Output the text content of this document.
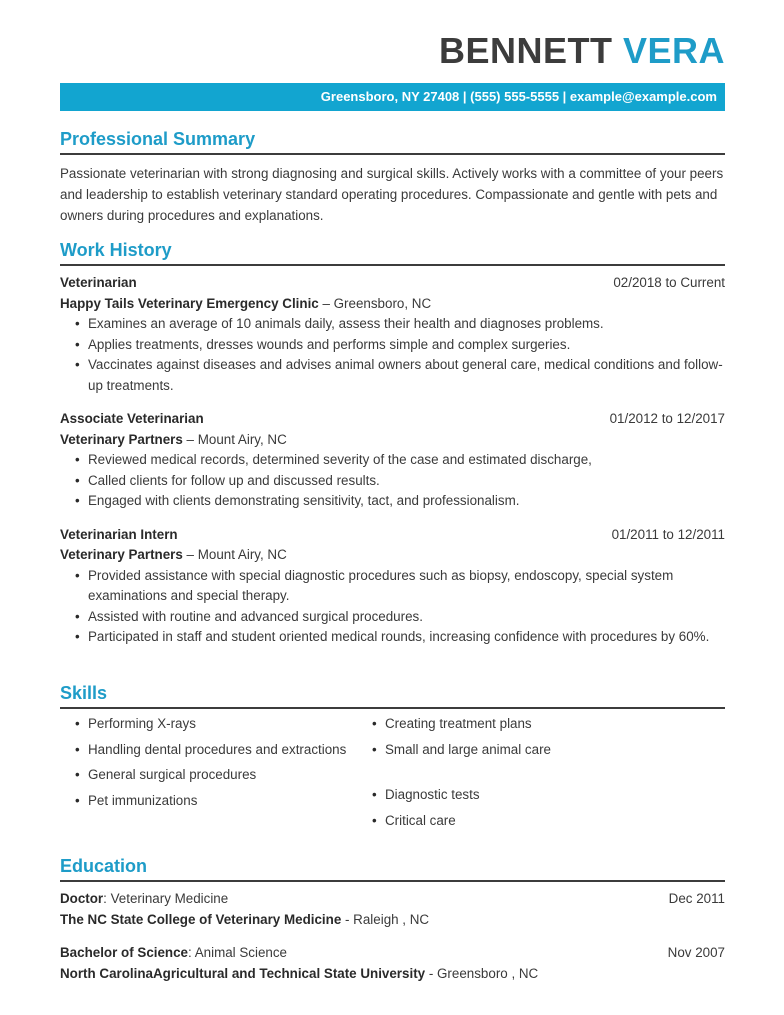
BENNETT VERA
Greensboro, NY 27408 | (555) 555-5555 | example@example.com
Professional Summary
Passionate veterinarian with strong diagnosing and surgical skills. Actively works with a committee of your peers and leadership to establish veterinary standard operating procedures. Compassionate and gentle with pets and owners during procedures and explanations.
Work History
Veterinarian	02/2018 to Current
Happy Tails Veterinary Emergency Clinic – Greensboro, NC
• Examines an average of 10 animals daily, assess their health and diagnoses problems.
• Applies treatments, dresses wounds and performs simple and complex surgeries.
• Vaccinates against diseases and advises animal owners about general care, medical conditions and follow-up treatments.
Associate Veterinarian	01/2012 to 12/2017
Veterinary Partners – Mount Airy, NC
• Reviewed medical records, determined severity of the case and estimated discharge,
• Called clients for follow up and discussed results.
• Engaged with clients demonstrating sensitivity, tact, and professionalism.
Veterinarian Intern	01/2011 to 12/2011
Veterinary Partners – Mount Airy, NC
• Provided assistance with special diagnostic procedures such as biopsy, endoscopy, special system examinations and special therapy.
• Assisted with routine and advanced surgical procedures.
• Participated in staff and student oriented medical rounds, increasing confidence with procedures by 60%.
Skills
• Performing X-rays
• Handling dental procedures and extractions
• General surgical procedures
• Pet immunizations
• Creating treatment plans
• Small and large animal care
• Diagnostic tests
• Critical care
Education
Doctor: Veterinary Medicine	Dec 2011
The NC State College of Veterinary Medicine - Raleigh , NC
Bachelor of Science: Animal Science	Nov 2007
North CarolinaAgricultural and Technical State University - Greensboro , NC
